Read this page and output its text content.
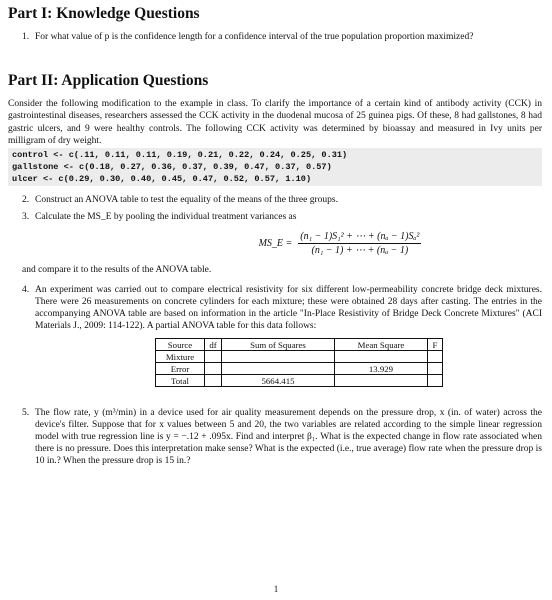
Part I: Knowledge Questions
1. For what value of p is the confidence length for a confidence interval of the true population proportion maximized?
Part II: Application Questions
Consider the following modification to the example in class. To clarify the importance of a certain kind of antibody activity (CCK) in gastrointestinal diseases, researchers assessed the CCK activity in the duodenal mucosa of 25 guinea pigs. Of these, 8 had gallstones, 8 had gastric ulcers, and 9 were healthy controls. The following CCK activity was determined by bioassay and measured in Ivy units per milligram of dry weight.
control <- c(.11, 0.11, 0.11, 0.19, 0.21, 0.22, 0.24, 0.25, 0.31)
gallstone <- c(0.18, 0.27, 0.36, 0.37, 0.39, 0.47, 0.37, 0.57)
ulcer <- c(0.29, 0.30, 0.40, 0.45, 0.47, 0.52, 0.57, 1.10)
2. Construct an ANOVA table to test the equality of the means of the three groups.
3. Calculate the MS_E by pooling the individual treatment variances as
MS_E = $\frac{\text{(n₁ − 1)S₁² + ⋯ + (nₐ − 1)Sₐ²}}{\text{(n₁ − 1) + ⋯ + (nₐ − 1)}}$
and compare it to the results of the ANOVA table.
4. An experiment was carried out to compare electrical resistivity for six different low-permeability concrete bridge deck mixtures. There were 26 measurements on concrete cylinders for each mixture; these were obtained 28 days after casting. The entries in the accompanying ANOVA table are based on information in the article "In-Place Resistivity of Bridge Deck Concrete Mixtures" (ACI Materials J., 2009: 114-122). A partial ANOVA table for this data follows:
Source	df	Sum of Squares	Mean Square	F
Mixture				
Error			13.929	
Total		5664.415		
5. The flow rate, y (m³/min) in a device used for air quality measurement depends on the pressure drop, x (in. of water) across the device's filter. Suppose that for x values between 5 and 20, the two variables are related according to the simple linear regression model with true regression line is y = −.12 + .095x. Find and interpret β₁. What is the expected change in flow rate associated when there is no pressure. Does this interpretation make sense? What is the expected (i.e., true average) flow rate when the pressure drop is 10 in.? When the pressure drop is 15 in.?
1
